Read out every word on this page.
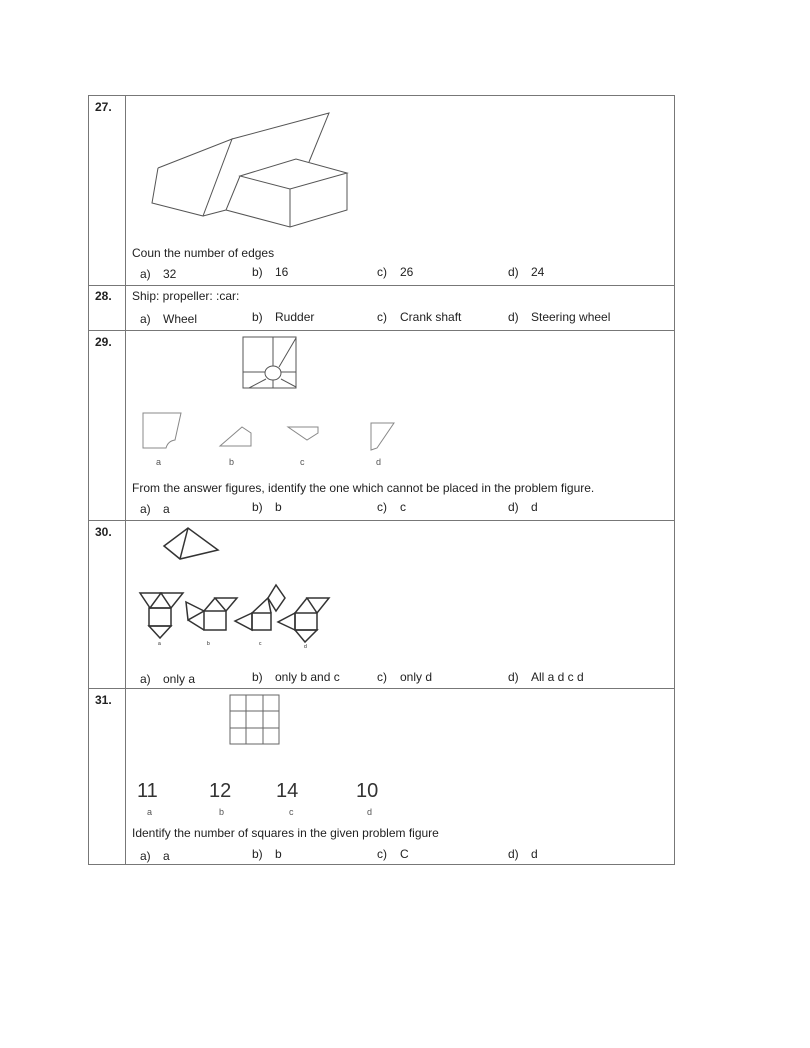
27.
Coun the number of edges
a) 32	b) 16	c) 26	d) 24
28. Ship: propeller: :car:
a) Wheel	b) Rudder	c) Crank shaft	d) Steering wheel
29.
a	b	c	d
From the answer figures, identify the one which cannot be placed in the problem figure.
a) a	b) b	c) c	d) d
30.
a	b	c	d
a) only a	b) only b and c	c) only d	d) All a d c d
31.
11	12 14	10
a	b	c	d
Identify the number of squares in the given problem figure
a) a	b) b	c) C	d) d
